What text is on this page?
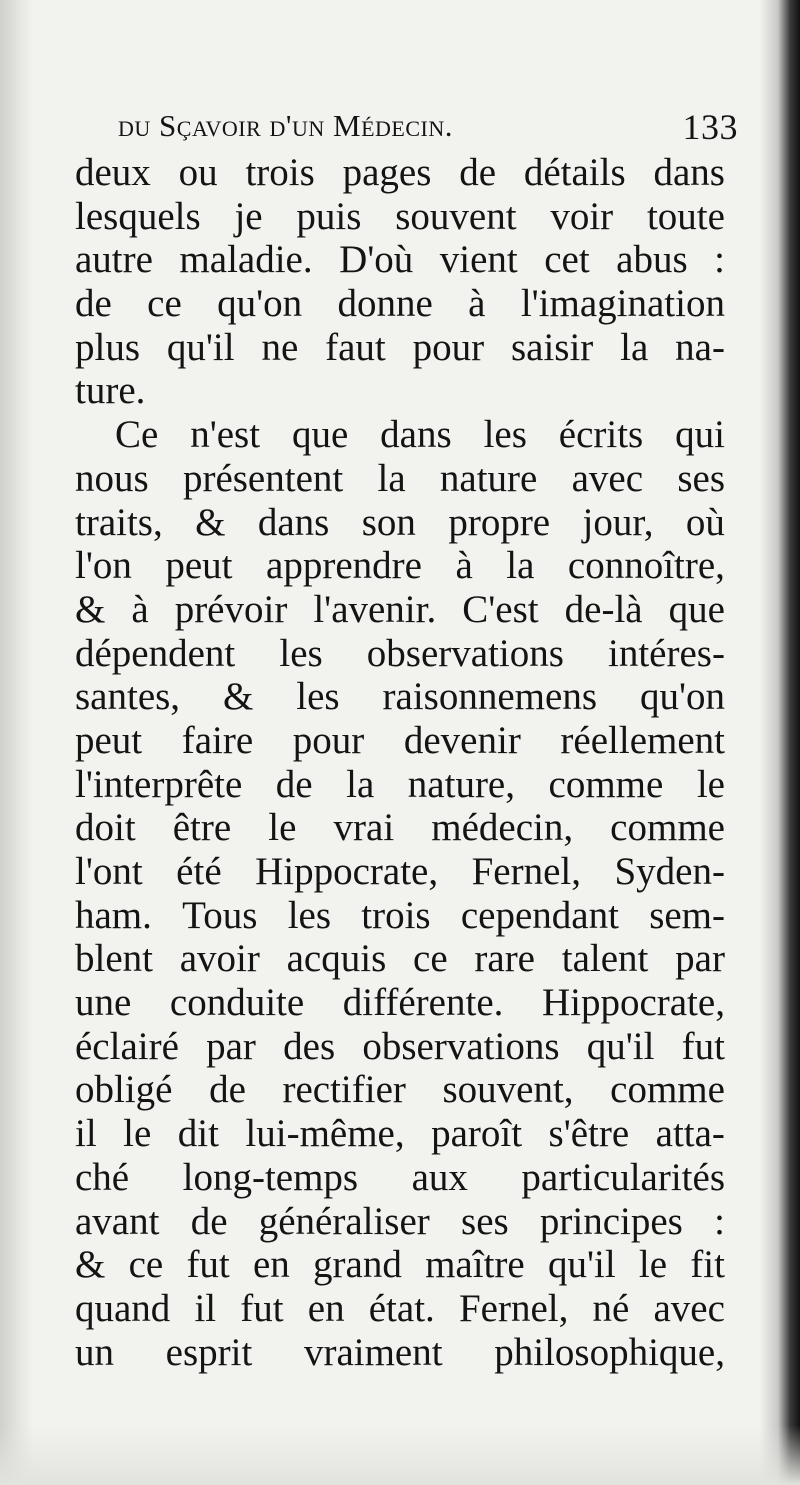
du Sçavoir d'un Médecin.	133
deux ou trois pages de détails dans
lesquels je puis souvent voir toute
autre maladie. D'où vient cet abus :
de ce qu'on donne à l'imagination
plus qu'il ne faut pour saisir la na-
ture.
Ce n'est que dans les écrits qui
nous présentent la nature avec ses
traits, & dans son propre jour, où
l'on peut apprendre à la connoître,
& à prévoir l'avenir. C'est de-là que
dépendent les observations intéres-
santes, & les raisonnemens qu'on
peut faire pour devenir réellement
l'interprête de la nature, comme le
doit être le vrai médecin, comme
l'ont été Hippocrate, Fernel, Syden-
ham. Tous les trois cependant sem-
blent avoir acquis ce rare talent par
une conduite différente. Hippocrate,
éclairé par des observations qu'il fut
obligé de rectifier souvent, comme
il le dit lui-même, paroît s'être atta-
ché long-temps aux particularités
avant de généraliser ses principes :
& ce fut en grand maître qu'il le fit
quand il fut en état. Fernel, né avec
un esprit vraiment philosophique,
